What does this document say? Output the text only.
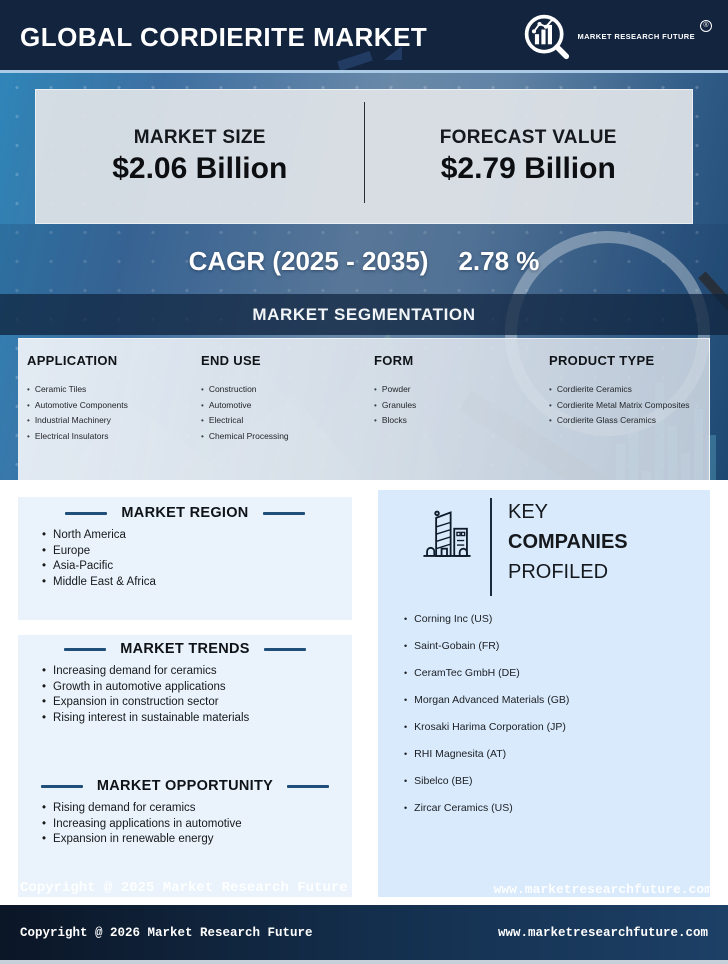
GLOBAL CORDIERITE MARKET	MARKET RESEARCH FUTURE
®
MARKET SIZE
$2.06 Billion
FORECAST VALUE
$2.79 Billion
CAGR (2025 - 2035) 2.78 %
MARKET SEGMENTATION
APPLICATION
• Ceramic Tiles
• Automotive Components
• Industrial Machinery
• Electrical Insulators
END USE
• Construction
• Automotive
• Electrical
• Chemical Processing
FORM
• Powder
• Granules
• Blocks
PRODUCT TYPE
• Cordierite Ceramics
• Cordierite Metal Matrix Composites
• Cordierite Glass Ceramics
MARKET REGION
• North America
• Europe
• Asia-Pacific
• Middle East & Africa
MARKET TRENDS
• Increasing demand for ceramics
• Growth in automotive applications
• Expansion in construction sector
• Rising interest in sustainable materials
MARKET OPPORTUNITY
• Rising demand for ceramics
• Increasing applications in automotive
• Expansion in renewable energy
KEY
COMPANIES
PROFILED
• Corning Inc (US)
• Saint-Gobain (FR)
• CeramTec GmbH (DE)
• Morgan Advanced Materials (GB)
• Krosaki Harima Corporation (JP)
• RHI Magnesita (AT)
• Sibelco (BE)
• Zircar Ceramics (US)
Copyright @ 2025 Market Research Future	www.marketresearchfuture.com
Copyright @ 2026 Market Research Future	www.marketresearchfuture.com
